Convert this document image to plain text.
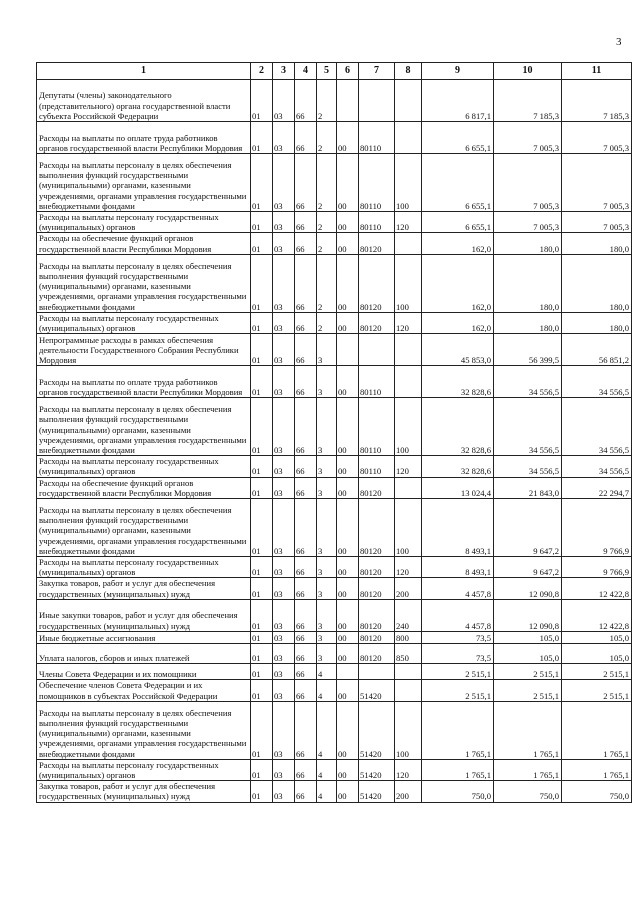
3
1	2	3	4	5	6	7	8	9	10	11
Депутаты (члены) законодательного (представительного) органа государственной власти субъекта Российской Федерации	01	03	66	2				6 817,1	7 185,3	7 185,3
Расходы на выплаты по оплате труда работников органов государственной власти Республики Мордовия	01	03	66	2	00	80110		6 655,1	7 005,3	7 005,3
Расходы на выплаты персоналу в целях обеспечения выполнения функций государственными (муниципальными) органами, казенными учреждениями, органами управления государственными внебюджетными фондами	01	03	66	2	00	80110	100	6 655,1	7 005,3	7 005,3
Расходы на выплаты персоналу государственных (муниципальных) органов	01	03	66	2	00	80110	120	6 655,1	7 005,3	7 005,3
Расходы на обеспечение функций органов государственной власти Республики Мордовия	01	03	66	2	00	80120		162,0	180,0	180,0
Расходы на выплаты персоналу в целях обеспечения выполнения функций государственными (муниципальными) органами, казенными учреждениями, органами управления государственными внебюджетными фондами	01	03	66	2	00	80120	100	162,0	180,0	180,0
Расходы на выплаты персоналу государственных (муниципальных) органов	01	03	66	2	00	80120	120	162,0	180,0	180,0
Непрограммные расходы в рамках обеспечения деятельности Государственного Собрания Республики Мордовия	01	03	66	3				45 853,0	56 399,5	56 851,2
Расходы на выплаты по оплате труда работников органов государственной власти Республики Мордовия	01	03	66	3	00	80110		32 828,6	34 556,5	34 556,5
Расходы на выплаты персоналу в целях обеспечения выполнения функций государственными (муниципальными) органами, казенными учреждениями, органами управления государственными внебюджетными фондами	01	03	66	3	00	80110	100	32 828,6	34 556,5	34 556,5
Расходы на выплаты персоналу государственных (муниципальных) органов	01	03	66	3	00	80110	120	32 828,6	34 556,5	34 556,5
Расходы на обеспечение функций органов государственной власти Республики Мордовия	01	03	66	3	00	80120		13 024,4	21 843,0	22 294,7
Расходы на выплаты персоналу в целях обеспечения выполнения функций государственными (муниципальными) органами, казенными учреждениями, органами управления государственными внебюджетными фондами	01	03	66	3	00	80120	100	8 493,1	9 647,2	9 766,9
Расходы на выплаты персоналу государственных (муниципальных) органов	01	03	66	3	00	80120	120	8 493,1	9 647,2	9 766,9
Закупка товаров, работ и услуг для обеспечения государственных (муниципальных) нужд	01	03	66	3	00	80120	200	4 457,8	12 090,8	12 422,8
Иные закупки товаров, работ и услуг для обеспечения государственных (муниципальных) нужд	01	03	66	3	00	80120	240	4 457,8	12 090,8	12 422,8
Иные бюджетные ассигнования	01	03	66	3	00	80120	800	73,5	105,0	105,0
Уплата налогов, сборов и иных платежей	01	03	66	3	00	80120	850	73,5	105,0	105,0
Члены Совета Федерации и их помощники	01	03	66	4				2 515,1	2 515,1	2 515,1
Обеспечение членов Совета Федерации и их помощников в субъектах Российской Федерации	01	03	66	4	00	51420		2 515,1	2 515,1	2 515,1
Расходы на выплаты персоналу в целях обеспечения выполнения функций государственными (муниципальными) органами, казенными учреждениями, органами управления государственными внебюджетными фондами	01	03	66	4	00	51420	100	1 765,1	1 765,1	1 765,1
Расходы на выплаты персоналу государственных (муниципальных) органов	01	03	66	4	00	51420	120	1 765,1	1 765,1	1 765,1
Закупка товаров, работ и услуг для обеспечения государственных (муниципальных) нужд	01	03	66	4	00	51420	200	750,0	750,0	750,0
